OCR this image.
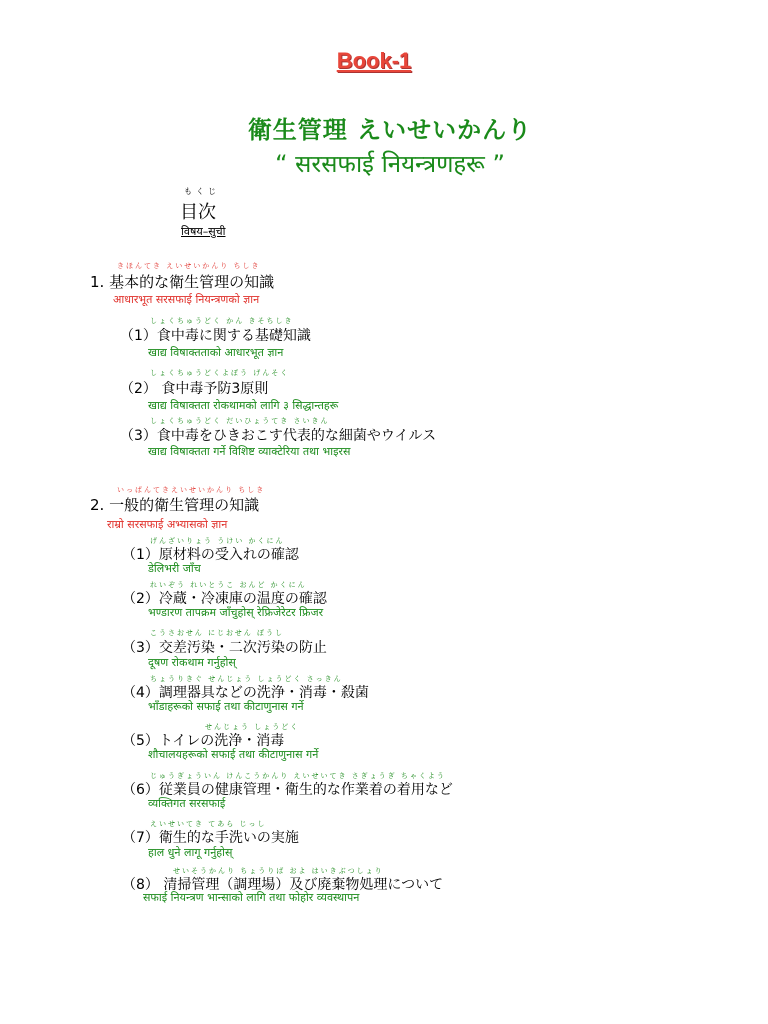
Book-1
衛生管理 えいせいかんり
“ सरसफाई नियन्त्रणहरू ”
もくじ
目次
विषय–सुची
きほんてき えいせいかんり ちしき
1. 基本的な衛生管理の知識
आधारभूत सरसफाई नियन्त्रणको ज्ञान
しょくちゅうどく かん きそちしき
（1）食中毒に関する基礎知識
खाद्य विषाक्तताको आधारभूत ज्ञान
しょくちゅうどくよぼう げんそく
（2） 食中毒予防3原則
खाद्य विषाक्तता रोकथामको लागि ३ सिद्धान्तहरू
しょくちゅうどく だいひょうてき さいきん
（3）食中毒をひきおこす代表的な細菌やウイルス
खाद्य विषाक्तता गर्ने विशिष्ट व्याक्टेरिया तथा भाइरस
いっぱんてきえいせいかんり ちしき
2. 一般的衛生管理の知識
राम्रो सरसफाई अभ्यासको ज्ञान
げんざいりょう うけい かくにん
（1）原材料の受入れの確認
डेलिभरी जाँच
れいぞう れいとうこ おんど かくにん
（2）冷蔵・冷凍庫の温度の確認
भण्डारण तापक्रम जाँचुहोस् रेफ्रिजेरेटर फ्रिजर
こうさおせん にじおせん ぼうし
（3）交差汚染・二次汚染の防止
दूषण रोकथाम गर्नुहोस्
ちょうりきぐ せんじょう しょうどく さっきん
（4）調理器具などの洗浄・消毒・殺菌
भाँडाहरूको सफाई तथा कीटाणुनास गर्ने
せんじょう しょうどく
（5）トイレの洗浄・消毒
शौचालयहरूको सफाई तथा कीटाणुनास गर्ने
じゅうぎょういん けんこうかんり えいせいてき さぎょうぎ ちゃくよう
（6）従業員の健康管理・衛生的な作業着の着用など
व्यक्तिगत सरसफाई
えいせいてき てあら じっし
（7）衛生的な手洗いの実施
हाल धुने लागू गर्नुहोस्
せいそうかんり ちょうりば およ はいきぶつしょり
（8） 清掃管理（調理場）及び廃棄物処理について
सफाई नियन्त्रण भान्साको लागि तथा फोहोर व्यवस्थापन
